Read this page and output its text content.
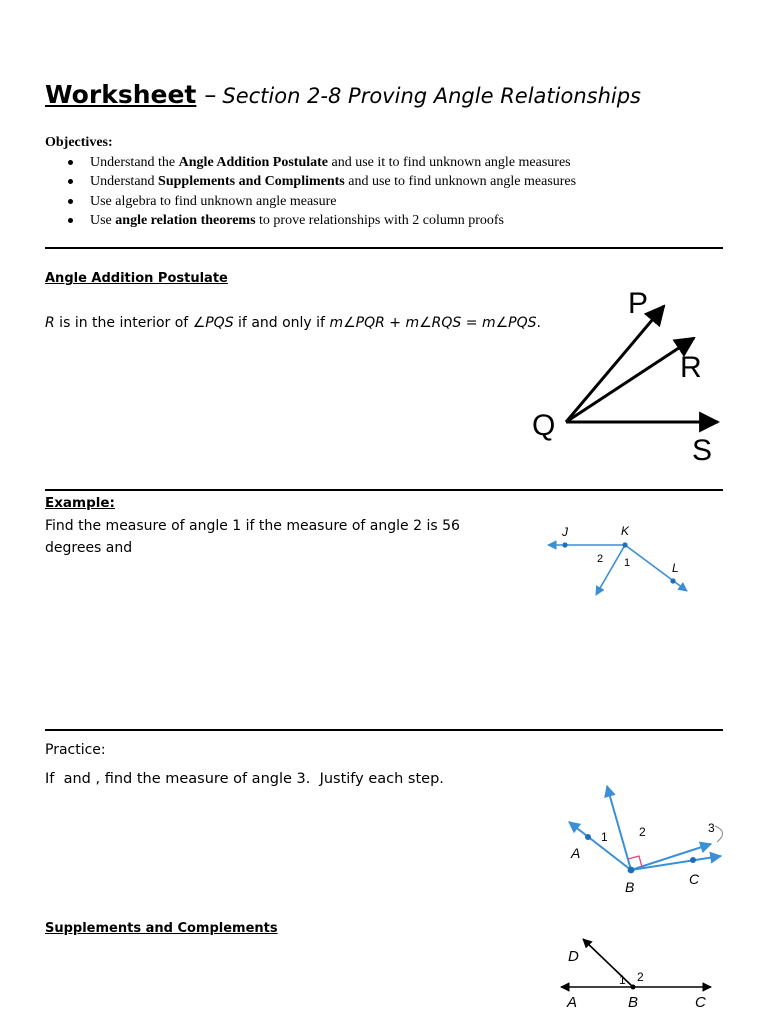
Worksheet – Section 2-8 Proving Angle Relationships
Objectives:
Understand the Angle Addition Postulate and use it to find unknown angle measures
Understand Supplements and Compliments and use to find unknown angle measures
Use algebra to find unknown angle measure
Use angle relation theorems to prove relationships with 2 column proofs
Angle Addition Postulate
R is in the interior of ∠PQS if and only if m∠PQR + m∠RQS = m∠PQS.
P
R
Q
S
Example:
Find the measure of angle 1 if the measure of angle 2 is 56
degrees and
J	K
L
2 1
Practice:
If  and , find the measure of angle 3.  Justify each step.
A
B	C
1	2	3
Supplements and Complements
D
A	B	C
1 2
